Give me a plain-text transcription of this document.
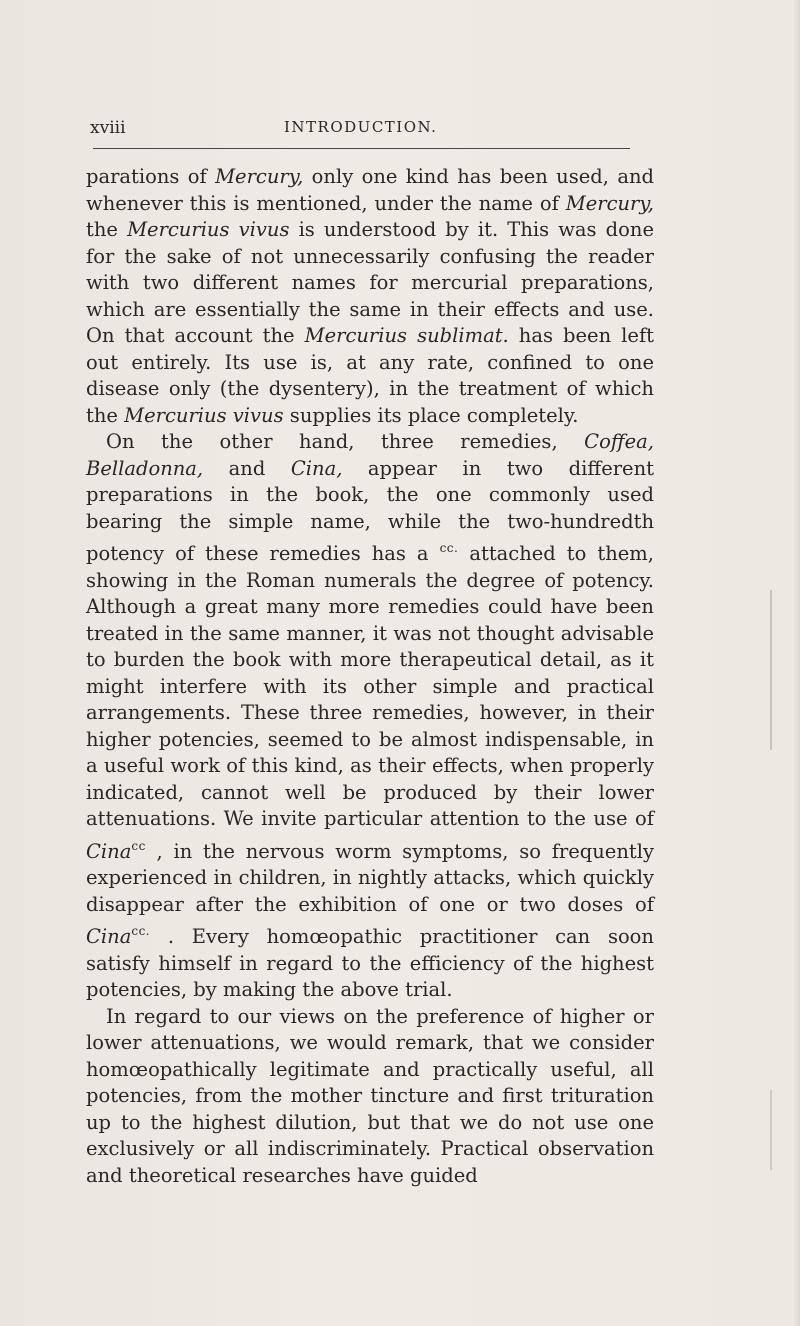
xviii	INTRODUCTION.

parations of Mercury, only one kind has been used, and whenever this is mentioned, under the name of Mercury, the Mercurius vivus is understood by it. This was done for the sake of not unnecessarily confusing the reader with two different names for mercurial preparations, which are essentially the same in their effects and use. On that account the Mercurius sublimat. has been left out entirely. Its use is, at any rate, confined to one disease only (the dysentery), in the treatment of which the Mercurius vivus supplies its place completely.

On the other hand, three remedies, Coffea, Belladonna, and Cina, appear in two different preparations in the book, the one commonly used bearing the simple name, while the two-hundredth potency of these remedies has a $^{cc.}$ attached to them, showing in the Roman numerals the degree of potency. Although a great many more remedies could have been treated in the same manner, it was not thought advisable to burden the book with more therapeutical detail, as it might interfere with its other simple and practical arrangements. These three remedies, however, in their higher potencies, seemed to be almost indispensable, in a useful work of this kind, as their effects, when properly indicated, cannot well be produced by their lower attenuations. We invite particular attention to the use of Cina$^{cc}$ , in the nervous worm symptoms, so frequently experienced in children, in nightly attacks, which quickly disappear after the exhibition of one or two doses of Cina$^{cc.}$ . Every homœopathic practitioner can soon satisfy himself in regard to the efficiency of the highest potencies, by making the above trial.

In regard to our views on the preference of higher or lower attenuations, we would remark, that we consider homœopathically legitimate and practically useful, all potencies, from the mother tincture and first trituration up to the highest dilution, but that we do not use one exclusively or all indiscriminately. Practical observation and theoretical researches have guided
